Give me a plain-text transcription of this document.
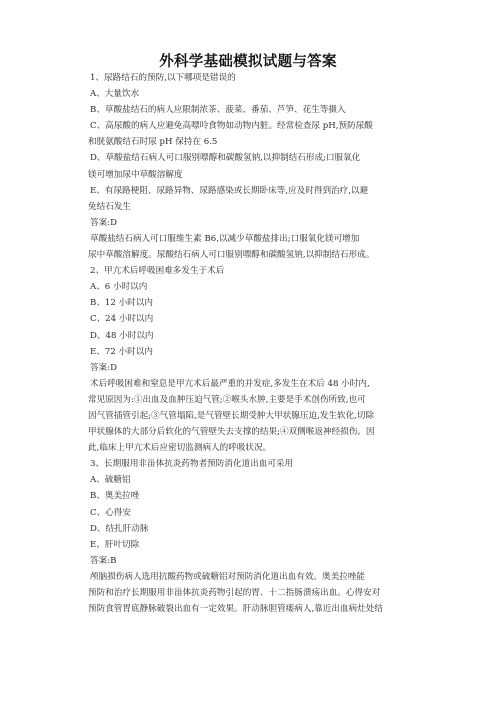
外科学基础模拟试题与答案
1、尿路结石的预防,以下哪项是错误的
A、大量饮水
B、草酸盐结石的病人应限制浓茶、菠菜、番茄、芦笋、花生等摄入
C、高尿酸的病人应避免高嘌呤食物如动物内脏。经常检查尿 pH,预防尿酸
和胱氨酸结石时尿 pH 保持在 6.5
D、草酸盐结石病人可口服别嘌醇和碳酸氢钠,以抑制结石形成;口服氧化
镁可增加尿中草酸溶解度
E、有尿路梗阻、尿路异物、尿路感染或长期卧床等,应及时得到治疗,以避
免结石发生
答案:D
草酸盐结石病人可口服维生素 B6,以减少草酸盐排出;口服氧化镁可增加
尿中草酸溶解度。尿酸结石病人可口服别嘌醇和碳酸氢钠,以抑制结石形成。
2、甲亢术后呼吸困难多发生于术后
A、6 小时以内
B、12 小时以内
C、24 小时以内
D、48 小时以内
E、72 小时以内
答案:D
术后呼吸困难和窒息是甲亢术后最严重的并发症,多发生在术后 48 小时内,
常见原因为:①出血及血肿压迫气管;②喉头水肿,主要是手术创伤所致,也可
因气管插管引起;③气管塌陷,是气管壁长期受肿大甲状腺压迫,发生软化,切除
甲状腺体的大部分后软化的气管壁失去支撑的结果;④双侧喉返神经损伤。因
此,临床上甲亢术后应密切监测病人的呼吸状况。
3、长期服用非甾体抗炎药物者预防消化道出血可采用
A、硫糖铝
B、奥美拉唑
C、心得安
D、结扎肝动脉
E、肝叶切除
答案:B
颅脑损伤病人选用抗酸药物或硫糖铝对预防消化道出血有效。奥美拉唑能
预防和治疗长期服用非甾体抗炎药物引起的胃、十二指肠溃疡出血。心得安对
预防食管胃底静脉破裂出血有一定效果。肝动脉胆管瘘病人,靠近出血病灶处结
